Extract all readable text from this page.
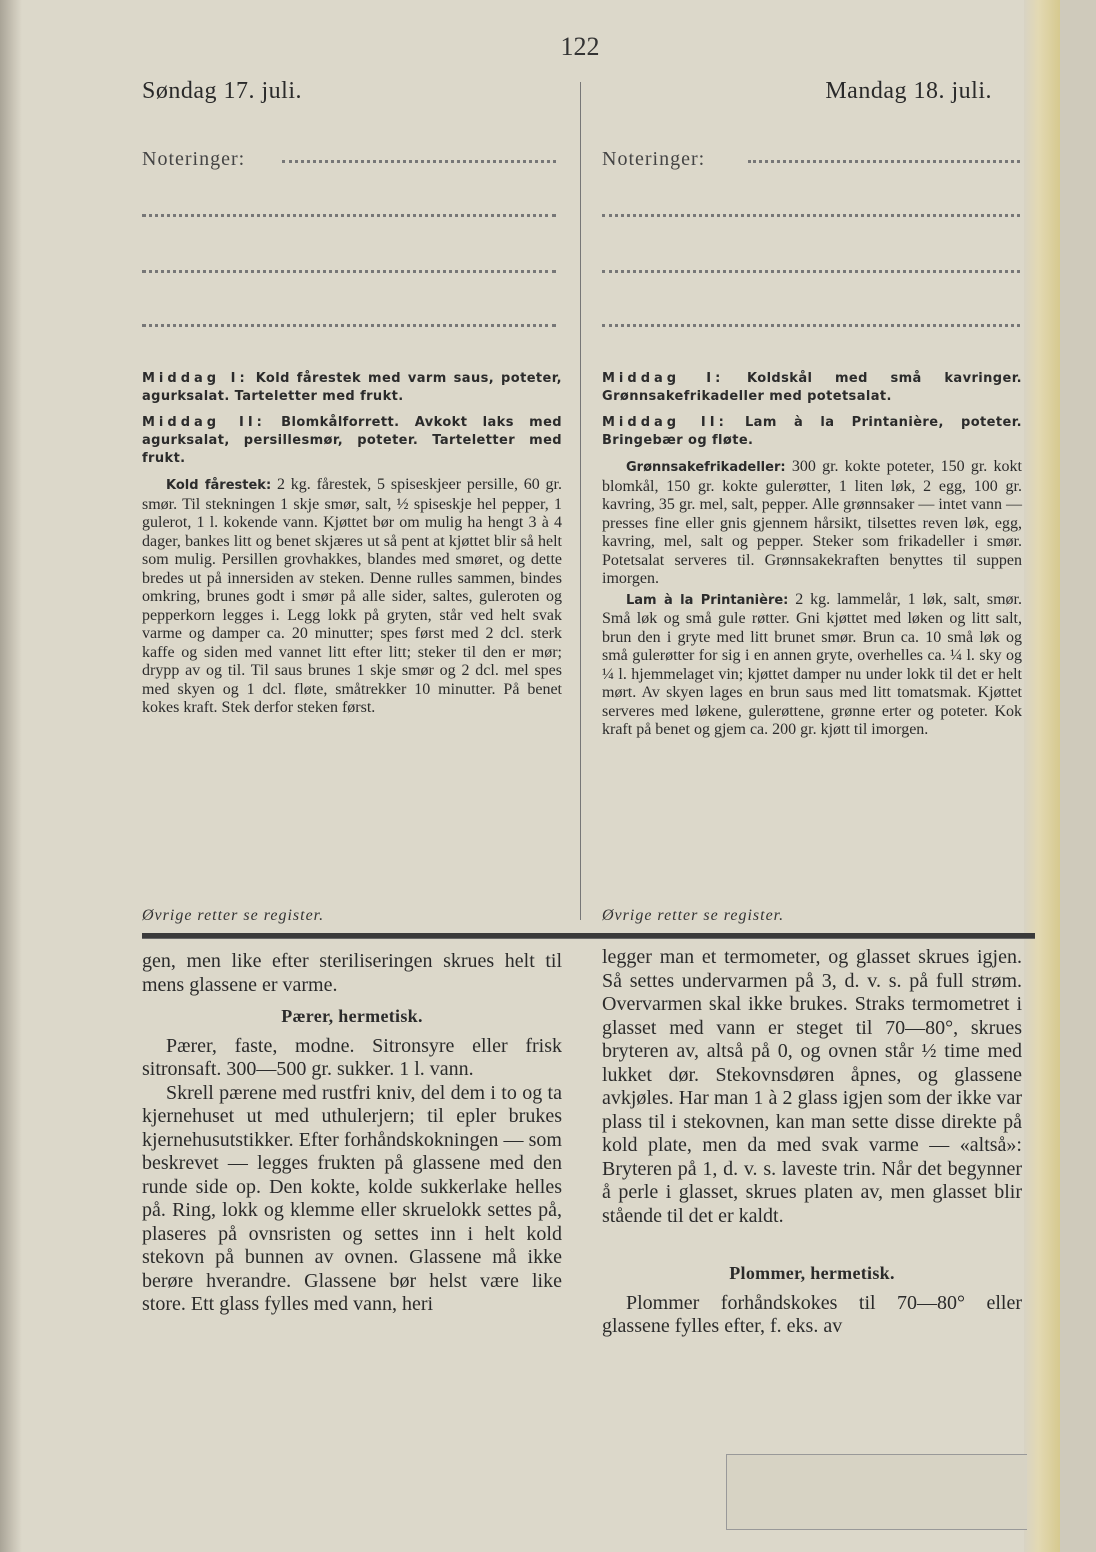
122
Søndag 17. juli.	Mandag 18. juli.
Noteringer:	Noteringer:

Middag I: Kold fårestek med varm saus, poteter, agurksalat. Tarteletter med frukt.

Middag II: Blomkålforrett. Avkokt laks med agurksalat, persillesmør, poteter. Tarteletter med frukt.

Kold fårestek: 2 kg. fårestek, 5 spiseskjeer persille, 60 gr. smør. Til stekningen 1 skje smør, salt, ½ spiseskje hel pepper, 1 gulerot, 1 l. kokende vann. Kjøttet bør om mulig ha hengt 3 à 4 dager, bankes litt og benet skjæres ut så pent at kjøttet blir så helt som mulig. Persillen grovhakkes, blandes med smøret, og dette bredes ut på innersiden av steken. Denne rulles sammen, bindes omkring, brunes godt i smør på alle sider, saltes, guleroten og pepperkorn legges i. Legg lokk på gryten, står ved helt svak varme og damper ca. 20 minutter; spes først med 2 dcl. sterk kaffe og siden med vannet litt efter litt; steker til den er mør; drypp av og til. Til saus brunes 1 skje smør og 2 dcl. mel spes med skyen og 1 dcl. fløte, småtrekker 10 minutter. På benet kokes kraft. Stek derfor steken først.

Øvrige retter se register.

Middag I: Koldskål med små kavringer. Grønnsakefrikadeller med potetsalat.

Middag II: Lam à la Printanière, poteter. Bringebær og fløte.

Grønnsakefrikadeller: 300 gr. kokte poteter, 150 gr. kokt blomkål, 150 gr. kokte gulerøtter, 1 liten løk, 2 egg, 100 gr. kavring, 35 gr. mel, salt, pepper. Alle grønnsaker — intet vann — presses fine eller gnis gjennem hårsikt, tilsettes reven løk, egg, kavring, mel, salt og pepper. Steker som frikadeller i smør. Potetsalat serveres til. Grønnsakekraften benyttes til suppen imorgen.

Lam à la Printanière: 2 kg. lammelår, 1 løk, salt, smør. Små løk og små gule røtter. Gni kjøttet med løken og litt salt, brun den i gryte med litt brunet smør. Brun ca. 10 små løk og små gulerøtter for sig i en annen gryte, overhelles ca. ¼ l. sky og ¼ l. hjemmelaget vin; kjøttet damper nu under lokk til det er helt mørt. Av skyen lages en brun saus med litt tomatsmak. Kjøttet serveres med løkene, gulerøttene, grønne erter og poteter. Kok kraft på benet og gjem ca. 200 gr. kjøtt til imorgen.

Øvrige retter se register.

gen, men like efter steriliseringen skrues helt til mens glassene er varme.

Pærer, hermetisk.

Pærer, faste, modne. Sitronsyre eller frisk sitronsaft. 300—500 gr. sukker. 1 l. vann.

Skrell pærene med rustfri kniv, del dem i to og ta kjernehuset ut med uthulerjern; til epler brukes kjernehusutstikker. Efter forhåndskokningen — som beskrevet — legges frukten på glassene med den runde side op. Den kokte, kolde sukkerlake helles på. Ring, lokk og klemme eller skruelokk settes på, plaseres på ovnsristen og settes inn i helt kold stekovn på bunnen av ovnen. Glassene må ikke berøre hverandre. Glassene bør helst være like store. Ett glass fylles med vann, heri

legger man et termometer, og glasset skrues igjen. Så settes undervarmen på 3, d. v. s. på full strøm. Overvarmen skal ikke brukes. Straks termometret i glasset med vann er steget til 70—80°, skrues bryteren av, altså på 0, og ovnen står ½ time med lukket dør. Stekovnsdøren åpnes, og glassene avkjøles. Har man 1 à 2 glass igjen som der ikke var plass til i stekovnen, kan man sette disse direkte på kold plate, men da med svak varme — «altså»: Bryteren på 1, d. v. s. laveste trin. Når det begynner å perle i glasset, skrues platen av, men glasset blir stående til det er kaldt.

Plommer, hermetisk.

Plommer forhåndskokes til 70—80° eller glassene fylles efter, f. eks. av
